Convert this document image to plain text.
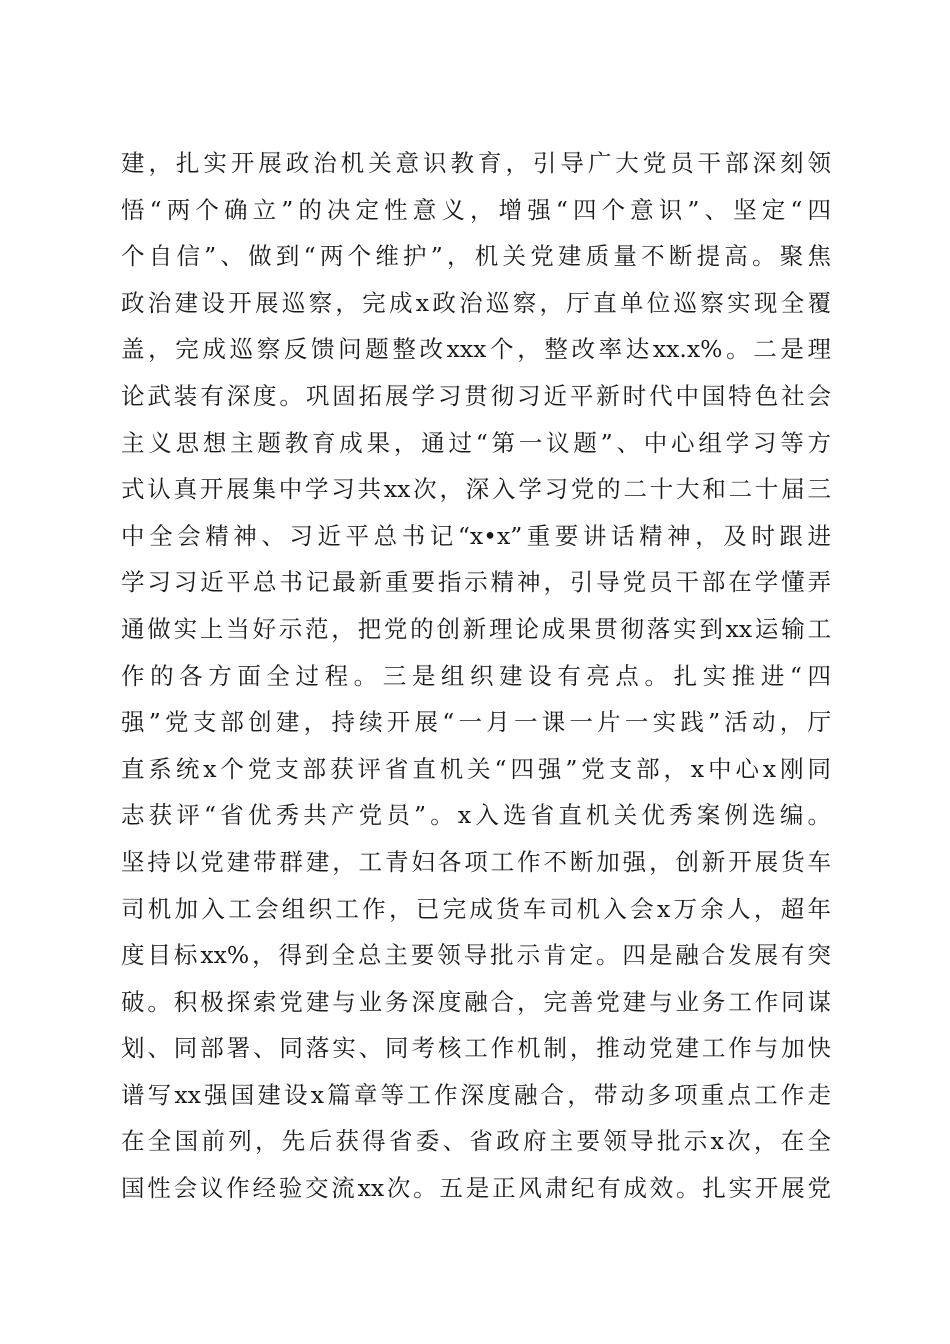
建，扎实开展政治机关意识教育，引导广大党员干部深刻领
悟“两个确立”的决定性意义，增强“四个意识”、坚定“四
个自信”、做到“两个维护”，机关党建质量不断提高。聚焦
政治建设开展巡察，完成x政治巡察，厅直单位巡察实现全覆
盖，完成巡察反馈问题整改xxx个，整改率达xx.x%。二是理
论武装有深度。巩固拓展学习贯彻习近平新时代中国特色社会
主义思想主题教育成果，通过“第一议题”、中心组学习等方
式认真开展集中学习共xx次，深入学习党的二十大和二十届三
中全会精神、习近平总书记“x•x”重要讲话精神，及时跟进
学习习近平总书记最新重要指示精神，引导党员干部在学懂弄
通做实上当好示范，把党的创新理论成果贯彻落实到xx运输工
作的各方面全过程。三是组织建设有亮点。扎实推进“四
强”党支部创建，持续开展“一月一课一片一实践”活动，厅
直系统x个党支部获评省直机关“四强”党支部，x中心x刚同
志获评“省优秀共产党员”。x入选省直机关优秀案例选编。
坚持以党建带群建，工青妇各项工作不断加强，创新开展货车
司机加入工会组织工作，已完成货车司机入会x万余人，超年
度目标xx%，得到全总主要领导批示肯定。四是融合发展有突
破。积极探索党建与业务深度融合，完善党建与业务工作同谋
划、同部署、同落实、同考核工作机制，推动党建工作与加快
谱写xx强国建设x篇章等工作深度融合，带动多项重点工作走
在全国前列，先后获得省委、省政府主要领导批示x次，在全
国性会议作经验交流xx次。五是正风肃纪有成效。扎实开展党
